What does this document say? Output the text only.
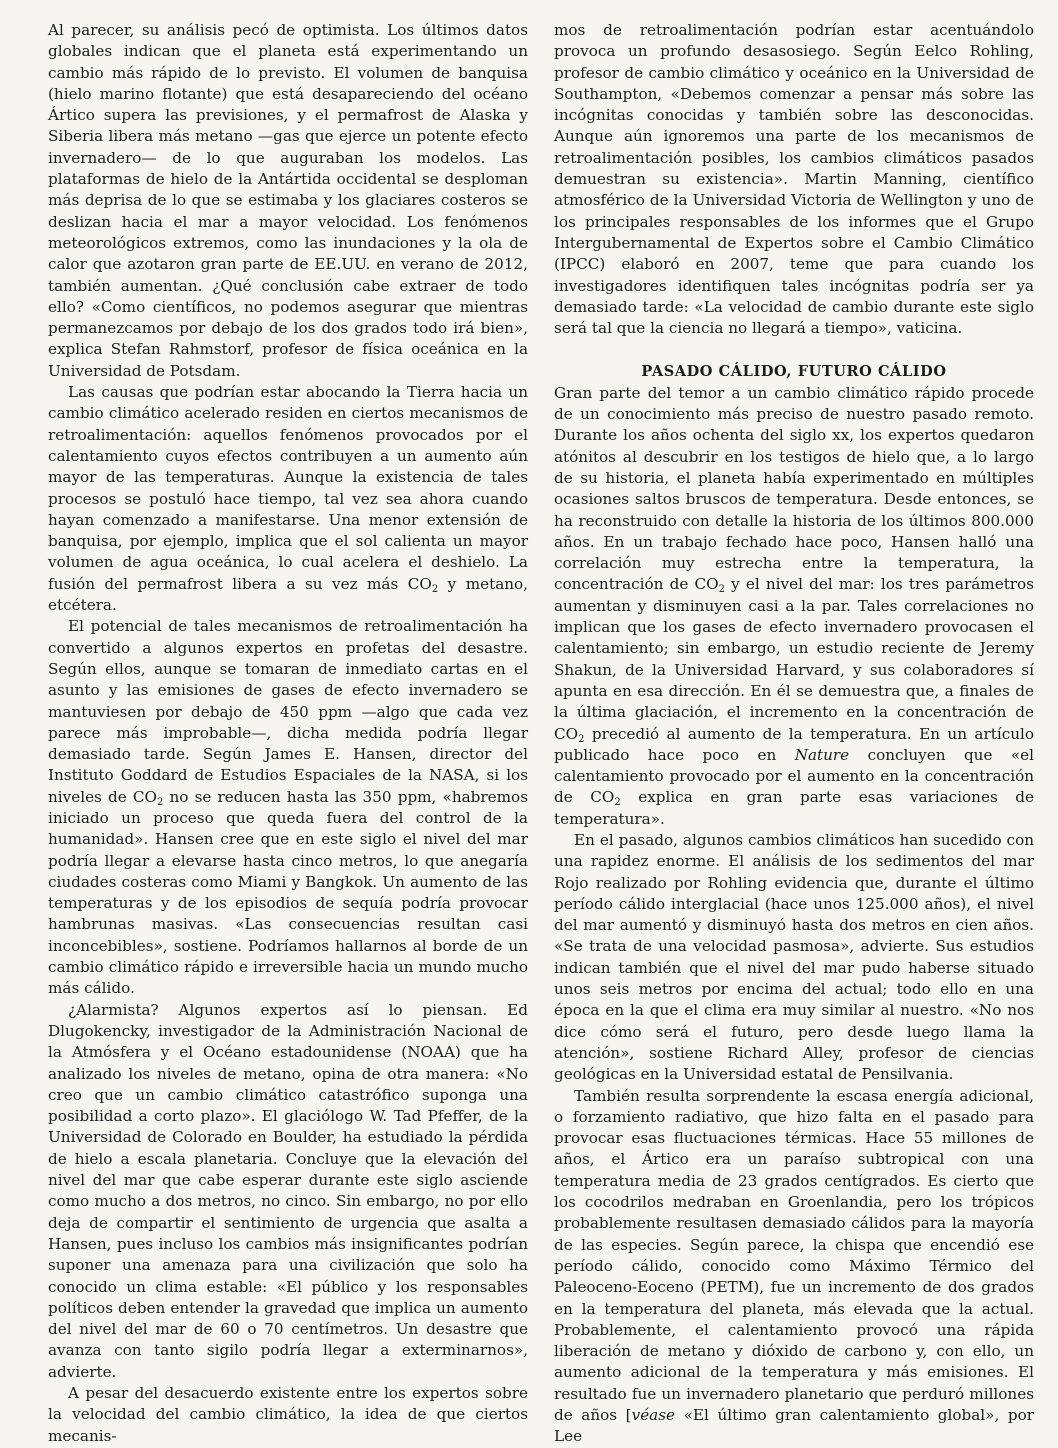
Al parecer, su análisis pecó de optimista. Los últimos datos globales indican que el planeta está experimentando un cambio más rápido de lo previsto. El volumen de banquisa (hielo marino flotante) que está desapareciendo del océano Ártico supera las previsiones, y el permafrost de Alaska y Siberia libera más metano —gas que ejerce un potente efecto invernadero— de lo que auguraban los modelos. Las plataformas de hielo de la Antártida occidental se desploman más deprisa de lo que se estimaba y los glaciares costeros se deslizan hacia el mar a mayor velocidad. Los fenómenos meteorológicos extremos, como las inundaciones y la ola de calor que azotaron gran parte de EE.UU. en verano de 2012, también aumentan. ¿Qué conclusión cabe extraer de todo ello? «Como científicos, no podemos asegurar que mientras permanezcamos por debajo de los dos grados todo irá bien», explica Stefan Rahmstorf, profesor de física oceánica en la Universidad de Potsdam.

Las causas que podrían estar abocando la Tierra hacia un cambio climático acelerado residen en ciertos mecanismos de retroalimentación: aquellos fenómenos provocados por el calentamiento cuyos efectos contribuyen a un aumento aún mayor de las temperaturas. Aunque la existencia de tales procesos se postuló hace tiempo, tal vez sea ahora cuando hayan comenzado a manifestarse. Una menor extensión de banquisa, por ejemplo, implica que el sol calienta un mayor volumen de agua oceánica, lo cual acelera el deshielo. La fusión del permafrost libera a su vez más $CO_2$ y metano, etcétera.

El potencial de tales mecanismos de retroalimentación ha convertido a algunos expertos en profetas del desastre. Según ellos, aunque se tomaran de inmediato cartas en el asunto y las emisiones de gases de efecto invernadero se mantuviesen por debajo de 450 ppm —algo que cada vez parece más improbable—, dicha medida podría llegar demasiado tarde. Según James E. Hansen, director del Instituto Goddard de Estudios Espaciales de la NASA, si los niveles de $CO_2$ no se reducen hasta las 350 ppm, «habremos iniciado un proceso que queda fuera del control de la humanidad». Hansen cree que en este siglo el nivel del mar podría llegar a elevarse hasta cinco metros, lo que anegaría ciudades costeras como Miami y Bangkok. Un aumento de las temperaturas y de los episodios de sequía podría provocar hambrunas masivas. «Las consecuencias resultan casi inconcebibles», sostiene. Podríamos hallarnos al borde de un cambio climático rápido e irreversible hacia un mundo mucho más cálido.

¿Alarmista? Algunos expertos así lo piensan. Ed Dlugokencky, investigador de la Administración Nacional de la Atmósfera y el Océano estadounidense (NOAA) que ha analizado los niveles de metano, opina de otra manera: «No creo que un cambio climático catastrófico suponga una posibilidad a corto plazo». El glaciólogo W. Tad Pfeffer, de la Universidad de Colorado en Boulder, ha estudiado la pérdida de hielo a escala planetaria. Concluye que la elevación del nivel del mar que cabe esperar durante este siglo asciende como mucho a dos metros, no cinco. Sin embargo, no por ello deja de compartir el sentimiento de urgencia que asalta a Hansen, pues incluso los cambios más insignificantes podrían suponer una amenaza para una civilización que solo ha conocido un clima estable: «El público y los responsables políticos deben entender la gravedad que implica un aumento del nivel del mar de 60 o 70 centímetros. Un desastre que avanza con tanto sigilo podría llegar a exterminarnos», advierte.

A pesar del desacuerdo existente entre los expertos sobre la velocidad del cambio climático, la idea de que ciertos mecanis-

mos de retroalimentación podrían estar acentuándolo provoca un profundo desasosiego. Según Eelco Rohling, profesor de cambio climático y oceánico en la Universidad de Southampton, «Debemos comenzar a pensar más sobre las incógnitas conocidas y también sobre las desconocidas. Aunque aún ignoremos una parte de los mecanismos de retroalimentación posibles, los cambios climáticos pasados demuestran su existencia». Martin Manning, científico atmosférico de la Universidad Victoria de Wellington y uno de los principales responsables de los informes que el Grupo Intergubernamental de Expertos sobre el Cambio Climático (IPCC) elaboró en 2007, teme que para cuando los investigadores identifiquen tales incógnitas podría ser ya demasiado tarde: «La velocidad de cambio durante este siglo será tal que la ciencia no llegará a tiempo», vaticina.

PASADO CÁLIDO, FUTURO CÁLIDO

Gran parte del temor a un cambio climático rápido procede de un conocimiento más preciso de nuestro pasado remoto. Durante los años ochenta del siglo xx, los expertos quedaron atónitos al descubrir en los testigos de hielo que, a lo largo de su historia, el planeta había experimentado en múltiples ocasiones saltos bruscos de temperatura. Desde entonces, se ha reconstruido con detalle la historia de los últimos 800.000 años. En un trabajo fechado hace poco, Hansen halló una correlación muy estrecha entre la temperatura, la concentración de $CO_2$ y el nivel del mar: los tres parámetros aumentan y disminuyen casi a la par. Tales correlaciones no implican que los gases de efecto invernadero provocasen el calentamiento; sin embargo, un estudio reciente de Jeremy Shakun, de la Universidad Harvard, y sus colaboradores sí apunta en esa dirección. En él se demuestra que, a finales de la última glaciación, el incremento en la concentración de $CO_2$ precedió al aumento de la temperatura. En un artículo publicado hace poco en Nature concluyen que «el calentamiento provocado por el aumento en la concentración de $CO_2$ explica en gran parte esas variaciones de temperatura».

En el pasado, algunos cambios climáticos han sucedido con una rapidez enorme. El análisis de los sedimentos del mar Rojo realizado por Rohling evidencia que, durante el último período cálido interglacial (hace unos 125.000 años), el nivel del mar aumentó y disminuyó hasta dos metros en cien años. «Se trata de una velocidad pasmosa», advierte. Sus estudios indican también que el nivel del mar pudo haberse situado unos seis metros por encima del actual; todo ello en una época en la que el clima era muy similar al nuestro. «No nos dice cómo será el futuro, pero desde luego llama la atención», sostiene Richard Alley, profesor de ciencias geológicas en la Universidad estatal de Pensilvania.

También resulta sorprendente la escasa energía adicional, o forzamiento radiativo, que hizo falta en el pasado para provocar esas fluctuaciones térmicas. Hace 55 millones de años, el Ártico era un paraíso subtropical con una temperatura media de 23 grados centígrados. Es cierto que los cocodrilos medraban en Groenlandia, pero los trópicos probablemente resultasen demasiado cálidos para la mayoría de las especies. Según parece, la chispa que encendió ese período cálido, conocido como Máximo Térmico del Paleoceno-Eoceno (PETM), fue un incremento de dos grados en la temperatura del planeta, más elevada que la actual. Probablemente, el calentamiento provocó una rápida liberación de metano y dióxido de carbono y, con ello, un aumento adicional de la temperatura y más emisiones. El resultado fue un invernadero planetario que perduró millones de años [véase «El último gran calentamiento global», por Lee
